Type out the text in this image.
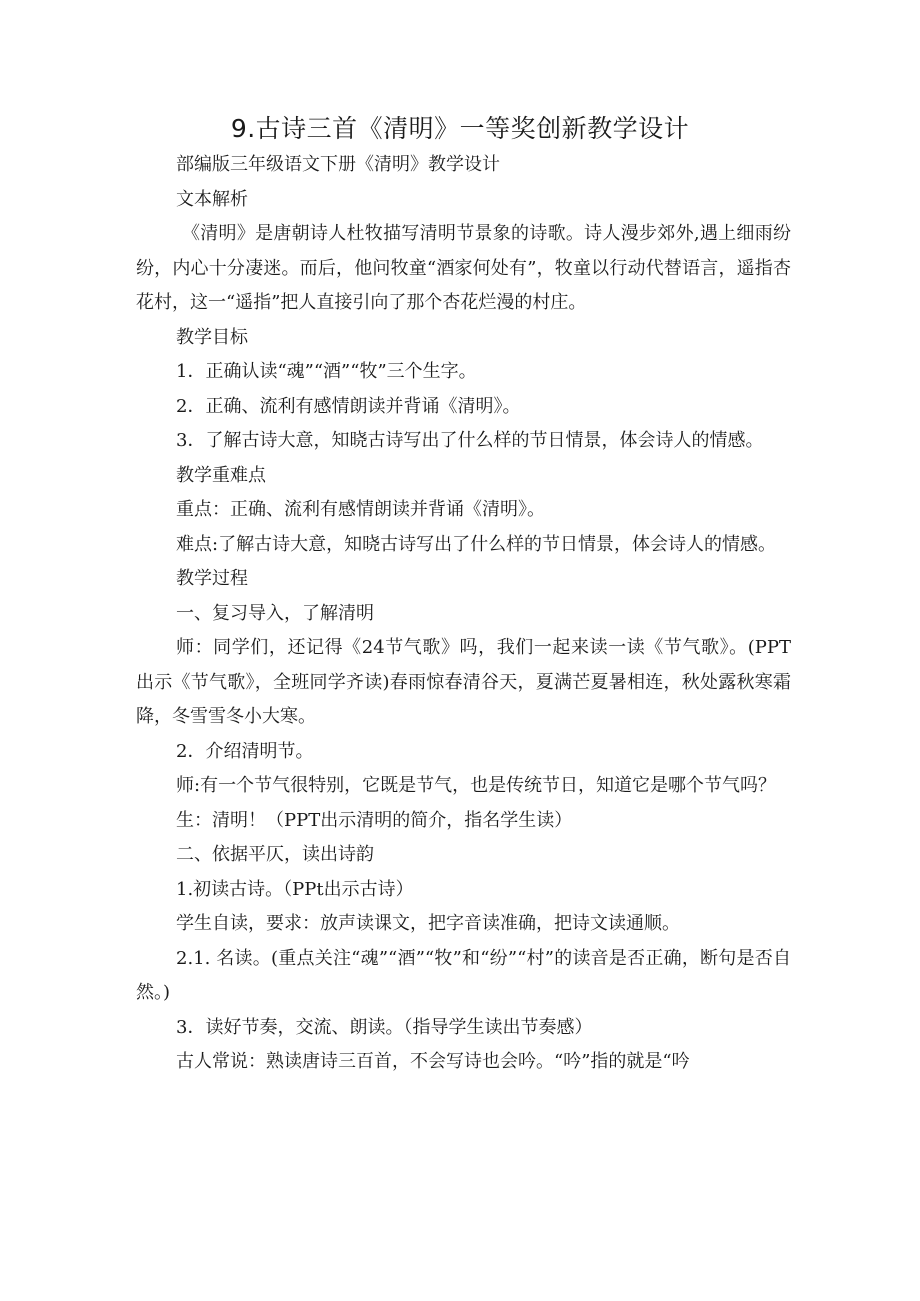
9.古诗三首《清明》一等奖创新教学设计

部编版三年级语文下册《清明》教学设计

文本解析

《清明》是唐朝诗人杜牧描写清明节景象的诗歌。诗人漫步郊外,遇上细雨纷纷，内心十分凄迷。而后，他问牧童“酒家何处有”，牧童以行动代替语言，遥指杏花村，这一“遥指”把人直接引向了那个杏花烂漫的村庄。

教学目标

1．正确认读“魂”“酒”“牧”三个生字。

2．正确、流利有感情朗读并背诵《清明》。

3．了解古诗大意，知晓古诗写出了什么样的节日情景，体会诗人的情感。

教学重难点

重点：正确、流利有感情朗读并背诵《清明》。

难点:了解古诗大意，知晓古诗写出了什么样的节日情景，体会诗人的情感。

教学过程

一、复习导入，了解清明

师：同学们，还记得《24节气歌》吗，我们一起来读一读《节气歌》。(PPT出示《节气歌》，全班同学齐读)春雨惊春清谷天，夏满芒夏暑相连，秋处露秋寒霜降，冬雪雪冬小大寒。

2．介绍清明节。

师:有一个节气很特别，它既是节气，也是传统节日，知道它是哪个节气吗？

生：清明！（PPT出示清明的简介，指名学生读）

二、依据平仄，读出诗韵

1.初读古诗。（PPt出示古诗）

学生自读，要求：放声读课文，把字音读准确，把诗文读通顺。

2.1. 名读。(重点关注“魂”“酒”“牧”和“纷”“村”的读音是否正确，断句是否自然。)

3．读好节奏，交流、朗读。（指导学生读出节奏感）

古人常说：熟读唐诗三百首，不会写诗也会吟。“吟”指的就是“吟
